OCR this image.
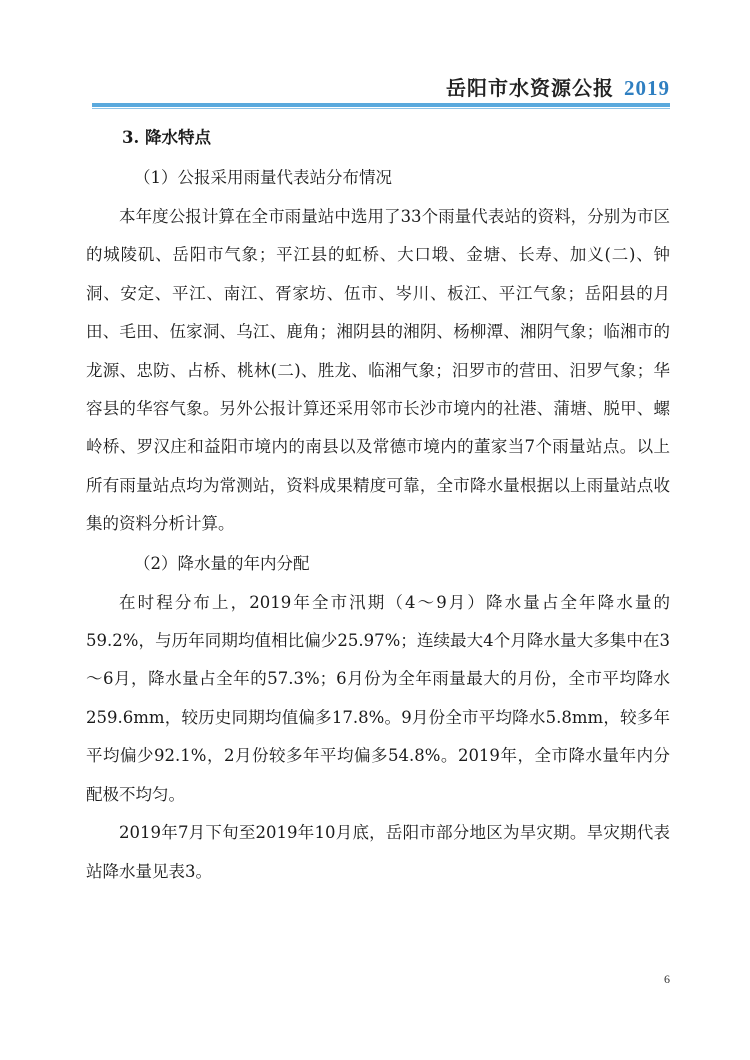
岳阳市水资源公报 2019

3. 降水特点

（1）公报采用雨量代表站分布情况

本年度公报计算在全市雨量站中选用了33个雨量代表站的资料，分别为市区的城陵矶、岳阳市气象；平江县的虹桥、大口塅、金塘、长寿、加义(二)、钟洞、安定、平江、南江、胥家坊、伍市、岑川、板江、平江气象；岳阳县的月田、毛田、伍家洞、乌江、鹿角；湘阴县的湘阴、杨柳潭、湘阴气象；临湘市的龙源、忠防、占桥、桃林(二)、胜龙、临湘气象；汨罗市的营田、汨罗气象；华容县的华容气象。另外公报计算还采用邻市长沙市境内的社港、蒲塘、脱甲、螺岭桥、罗汉庄和益阳市境内的南县以及常德市境内的董家当7个雨量站点。以上所有雨量站点均为常测站，资料成果精度可靠，全市降水量根据以上雨量站点收集的资料分析计算。

（2）降水量的年内分配

在时程分布上，2019年全市汛期（4～9月）降水量占全年降水量的59.2%，与历年同期均值相比偏少25.97%；连续最大4个月降水量大多集中在3～6月，降水量占全年的57.3%；6月份为全年雨量最大的月份，全市平均降水259.6mm，较历史同期均值偏多17.8%。9月份全市平均降水5.8mm，较多年平均偏少92.1%，2月份较多年平均偏多54.8%。2019年，全市降水量年内分配极不均匀。

2019年7月下旬至2019年10月底，岳阳市部分地区为旱灾期。旱灾期代表站降水量见表3。

6
